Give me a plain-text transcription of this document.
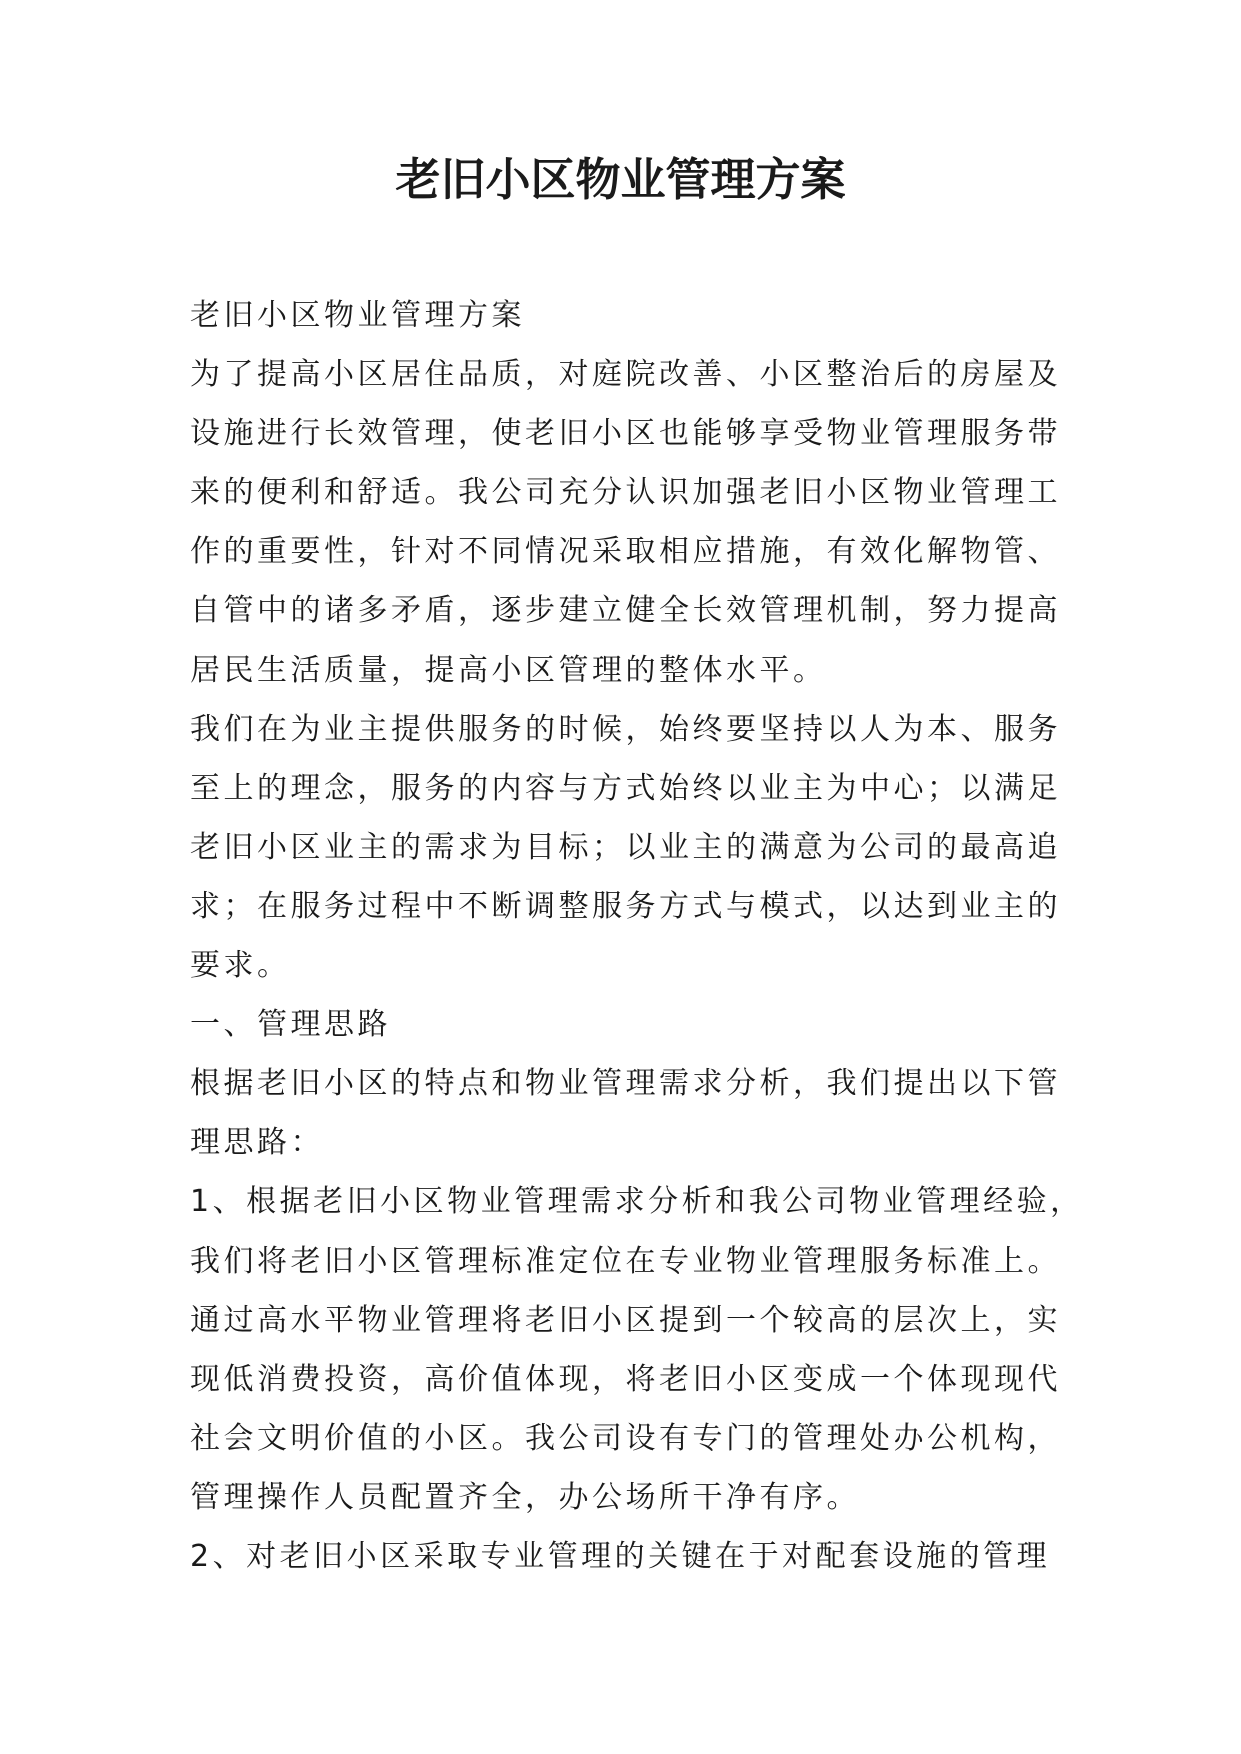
老旧小区物业管理方案
老旧小区物业管理方案
为了提高小区居住品质，对庭院改善、小区整治后的房屋及
设施进行长效管理，使老旧小区也能够享受物业管理服务带
来的便利和舒适。我公司充分认识加强老旧小区物业管理工
作的重要性，针对不同情况采取相应措施，有效化解物管、
自管中的诸多矛盾，逐步建立健全长效管理机制，努力提高
居民生活质量，提高小区管理的整体水平。
我们在为业主提供服务的时候，始终要坚持以人为本、服务
至上的理念，服务的内容与方式始终以业主为中心；以满足
老旧小区业主的需求为目标；以业主的满意为公司的最高追
求；在服务过程中不断调整服务方式与模式，以达到业主的
要求。
一、管理思路
根据老旧小区的特点和物业管理需求分析，我们提出以下管
理思路：
1、根据老旧小区物业管理需求分析和我公司物业管理经验，
我们将老旧小区管理标准定位在专业物业管理服务标准上。
通过高水平物业管理将老旧小区提到一个较高的层次上，实
现低消费投资，高价值体现，将老旧小区变成一个体现现代
社会文明价值的小区。我公司设有专门的管理处办公机构，
管理操作人员配置齐全，办公场所干净有序。
2、对老旧小区采取专业管理的关键在于对配套设施的管理
